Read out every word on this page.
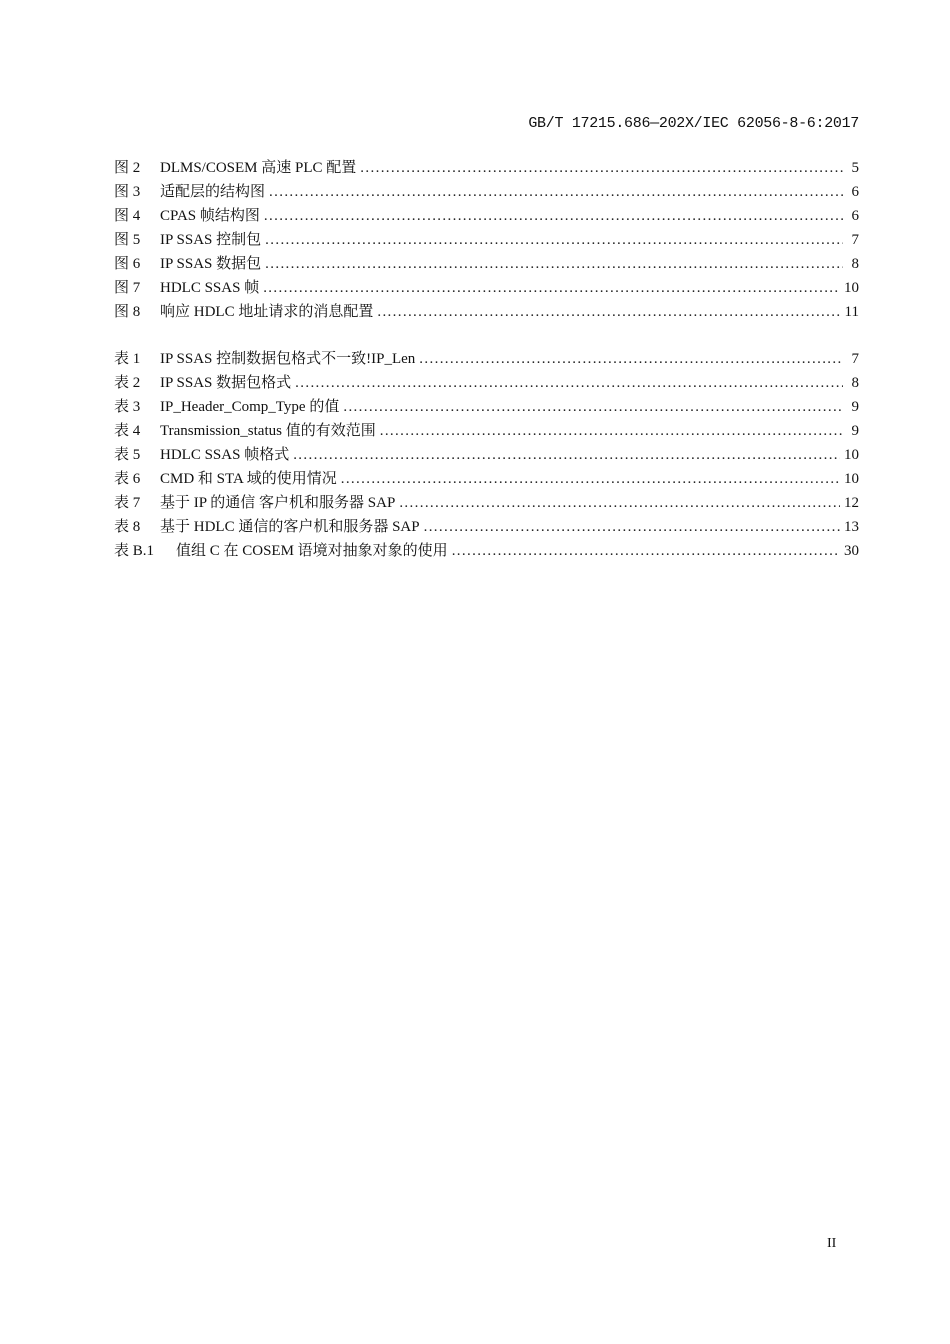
GB/T 17215.686—202X/IEC 62056-8-6:2017
图 2	DLMS/COSEM 高速 PLC 配置 . . .	5
图 3	适配层的结构图 . . .	6
图 4	CPAS 帧结构图 . . .	6
图 5	IP SSAS 控制包 . . .	7
图 6	IP SSAS 数据包 . . .	8
图 7	HDLC SSAS 帧 . . .	10
图 8	响应 HDLC 地址请求的消息配置 . . .	11
表 1	IP SSAS 控制数据包格式不一致!IP_Len . . .	7
表 2	IP SSAS 数据包格式 . . .	8
表 3	IP_Header_Comp_Type 的值 . . .	9
表 4	Transmission_status 值的有效范围 . . .	9
表 5	HDLC SSAS 帧格式 . . .	10
表 6	CMD 和 STA 域的使用情况 . . .	10
表 7	基于 IP 的通信 客户机和服务器 SAP . . .	12
表 8	基于 HDLC 通信的客户机和服务器 SAP . . .	13
表 B.1	值组 C 在 COSEM 语境对抽象对象的使用 . . .	30
II
